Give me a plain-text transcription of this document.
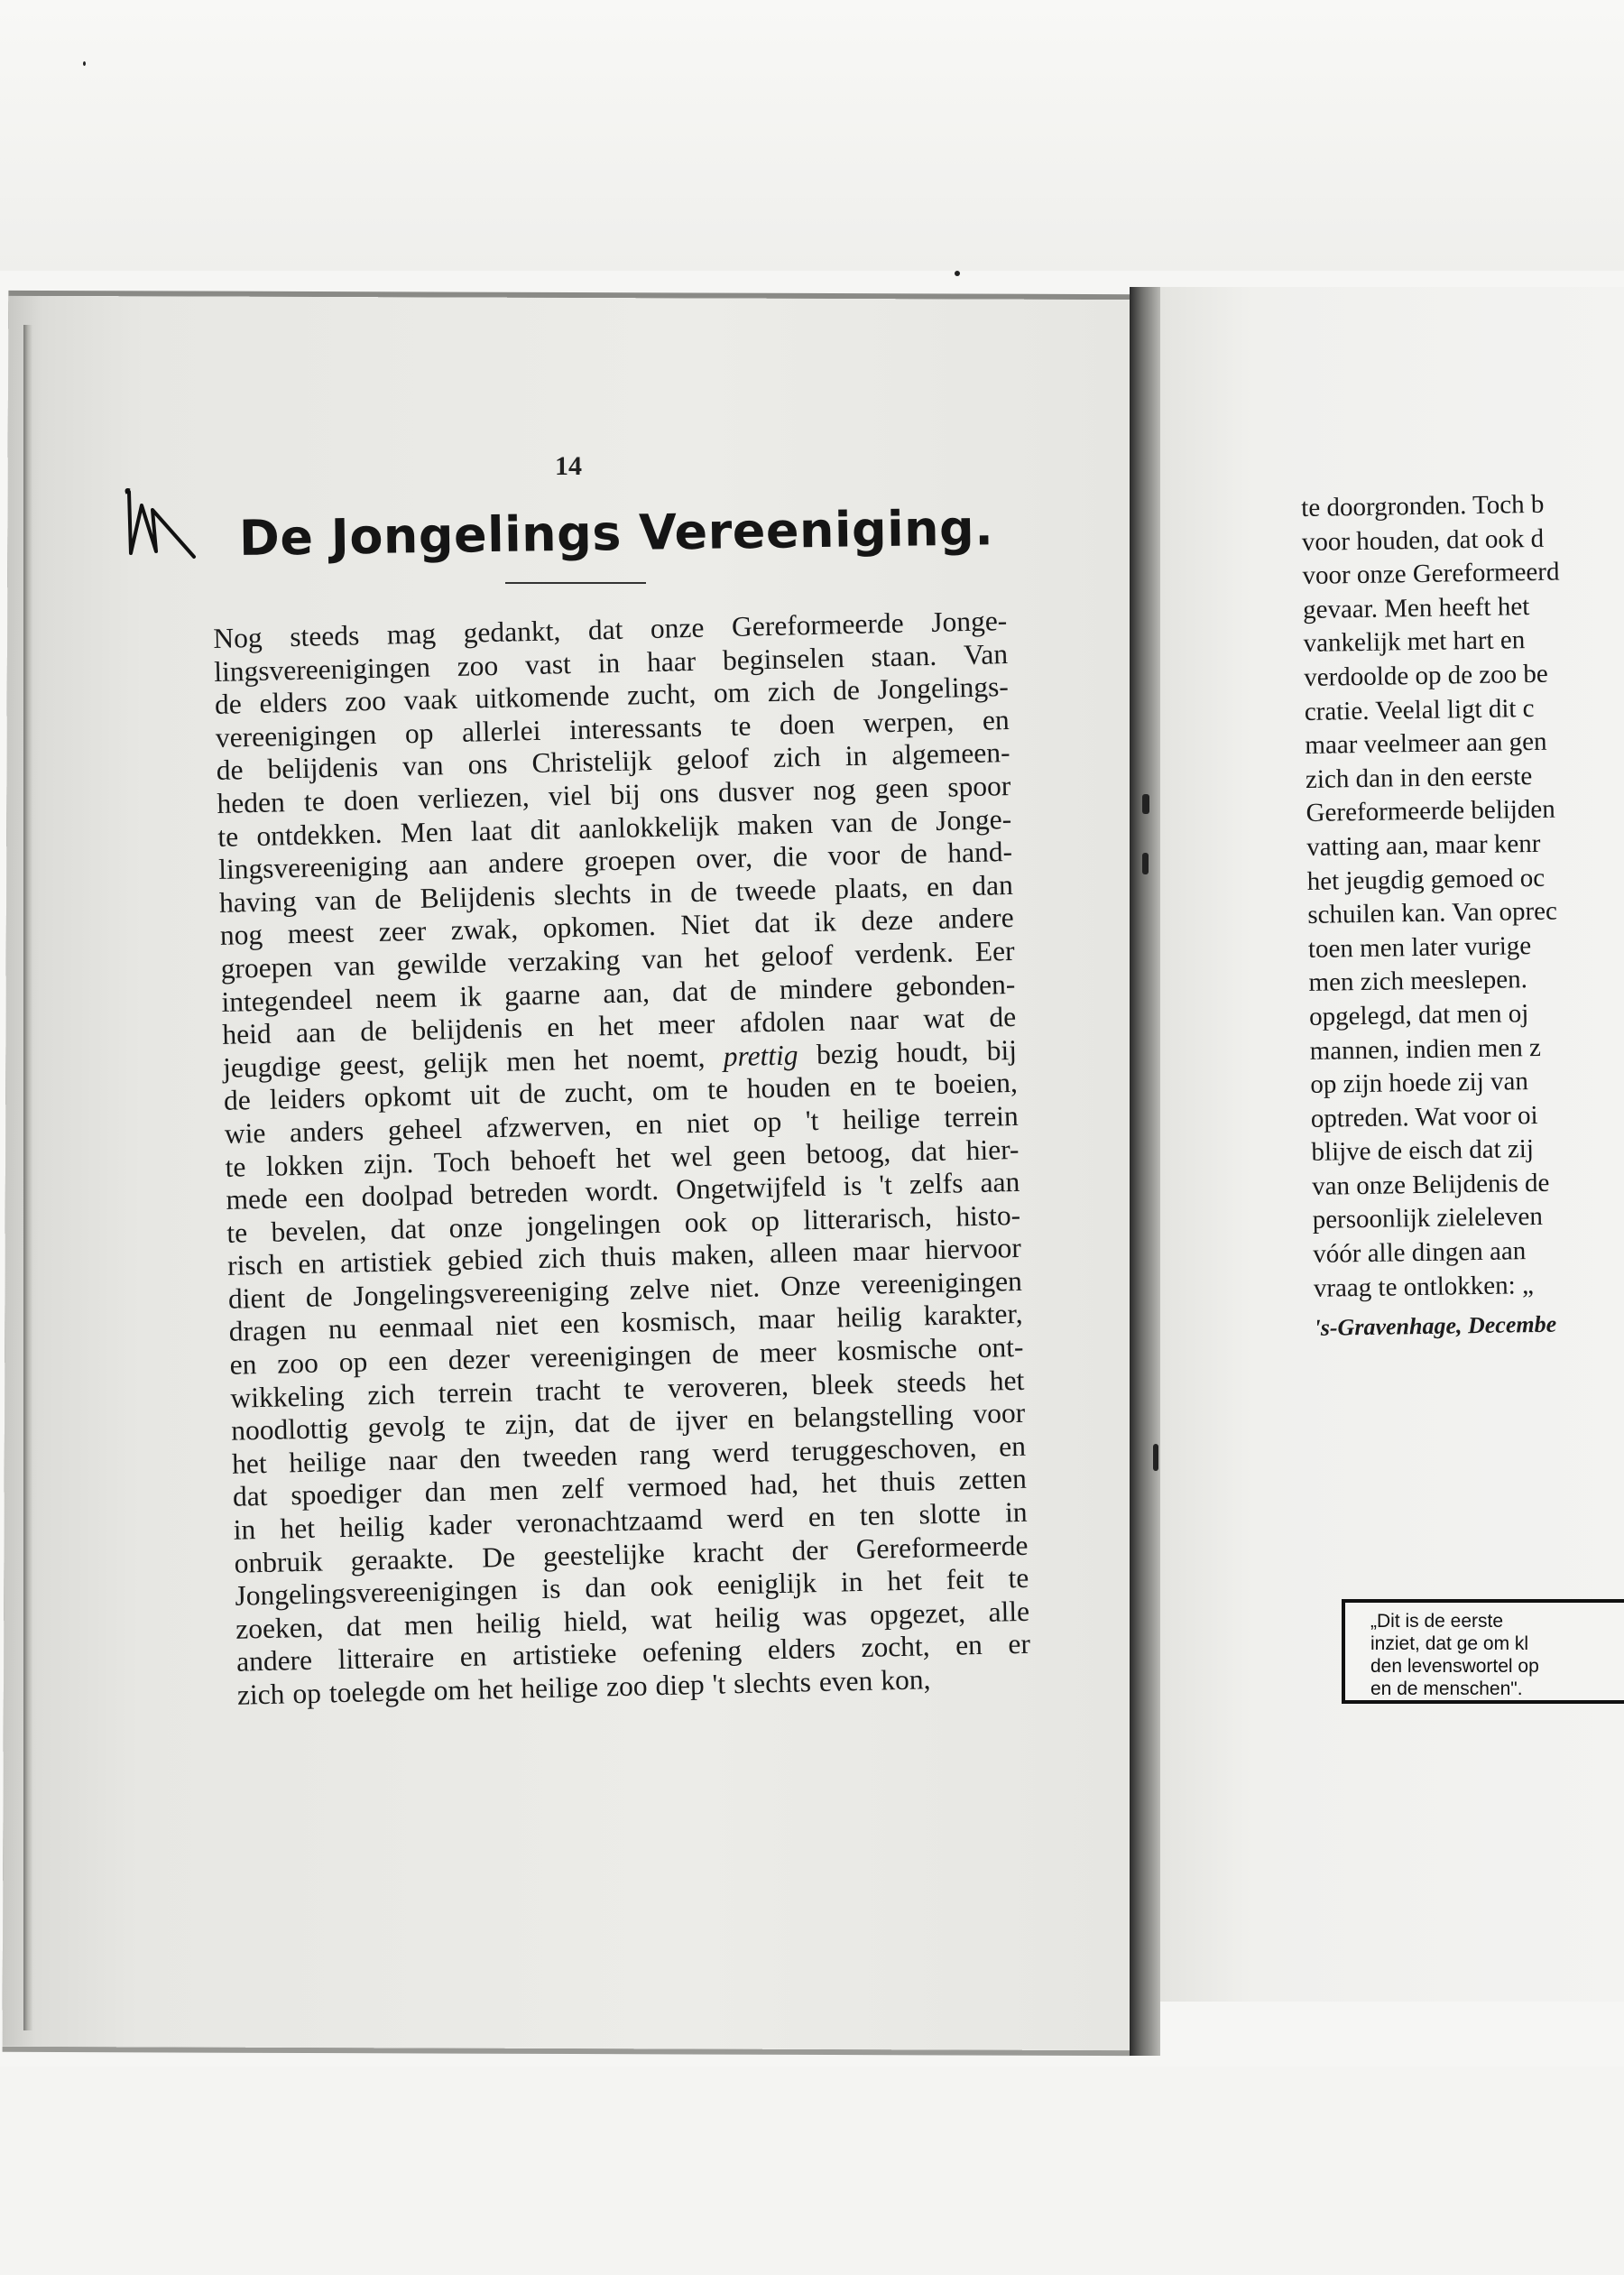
14
De Jongelings Vereeniging.
Nog steeds mag gedankt, dat onze Gereformeerde Jonge-
lingsvereenigingen zoo vast in haar beginselen staan. Van
de elders zoo vaak uitkomende zucht, om zich de Jongelings-
vereenigingen op allerlei interessants te doen werpen, en
de belijdenis van ons Christelijk geloof zich in algemeen-
heden te doen verliezen, viel bij ons dusver nog geen spoor
te ontdekken. Men laat dit aanlokkelijk maken van de Jonge-
lingsvereeniging aan andere groepen over, die voor de hand-
having van de Belijdenis slechts in de tweede plaats, en dan
nog meest zeer zwak, opkomen. Niet dat ik deze andere
groepen van gewilde verzaking van het geloof verdenk. Eer
integendeel neem ik gaarne aan, dat de mindere gebonden-
heid aan de belijdenis en het meer afdolen naar wat de
jeugdige geest, gelijk men het noemt, prettig bezig houdt, bij
de leiders opkomt uit de zucht, om te houden en te boeien,
wie anders geheel afzwerven, en niet op 't heilige terrein
te lokken zijn. Toch behoeft het wel geen betoog, dat hier-
mede een doolpad betreden wordt. Ongetwijfeld is 't zelfs aan
te bevelen, dat onze jongelingen ook op litterarisch, histo-
risch en artistiek gebied zich thuis maken, alleen maar hiervoor
dient de Jongelingsvereeniging zelve niet. Onze vereenigingen
dragen nu eenmaal niet een kosmisch, maar heilig karakter,
en zoo op een dezer vereenigingen de meer kosmische ont-
wikkeling zich terrein tracht te veroveren, bleek steeds het
noodlottig gevolg te zijn, dat de ijver en belangstelling voor
het heilige naar den tweeden rang werd teruggeschoven, en
dat spoediger dan men zelf vermoed had, het thuis zetten
in het heilig kader veronachtzaamd werd en ten slotte in
onbruik geraakte. De geestelijke kracht der Gereformeerde
Jongelingsvereenigingen is dan ook eeniglijk in het feit te
zoeken, dat men heilig hield, wat heilig was opgezet, alle
andere litteraire en artistieke oefening elders zocht, en er
zich op toelegde om het heilige zoo diep 't slechts even kon,
te doorgronden. Toch b
voor houden, dat ook d
voor onze Gereformeerd
gevaar. Men heeft het
vankelijk met hart en
verdoolde op de zoo be
cratie. Veelal ligt dit c
maar veelmeer aan gen
zich dan in den eerste
Gereformeerde belijden
vatting aan, maar kenr
het jeugdig gemoed oc
schuilen kan. Van oprec
toen men later vurige
men zich meeslepen.
opgelegd, dat men oj
mannen, indien men z
op zijn hoede zij van
optreden. Wat voor oi
blijve de eisch dat zij
van onze Belijdenis de
persoonlijk zieleleven
vóór alle dingen aan
vraag te ontlokken: „
's-Gravenhage, Decembe
„Dit is de eerste
inziet, dat ge om kl
den levenswortel op
en de menschen".
